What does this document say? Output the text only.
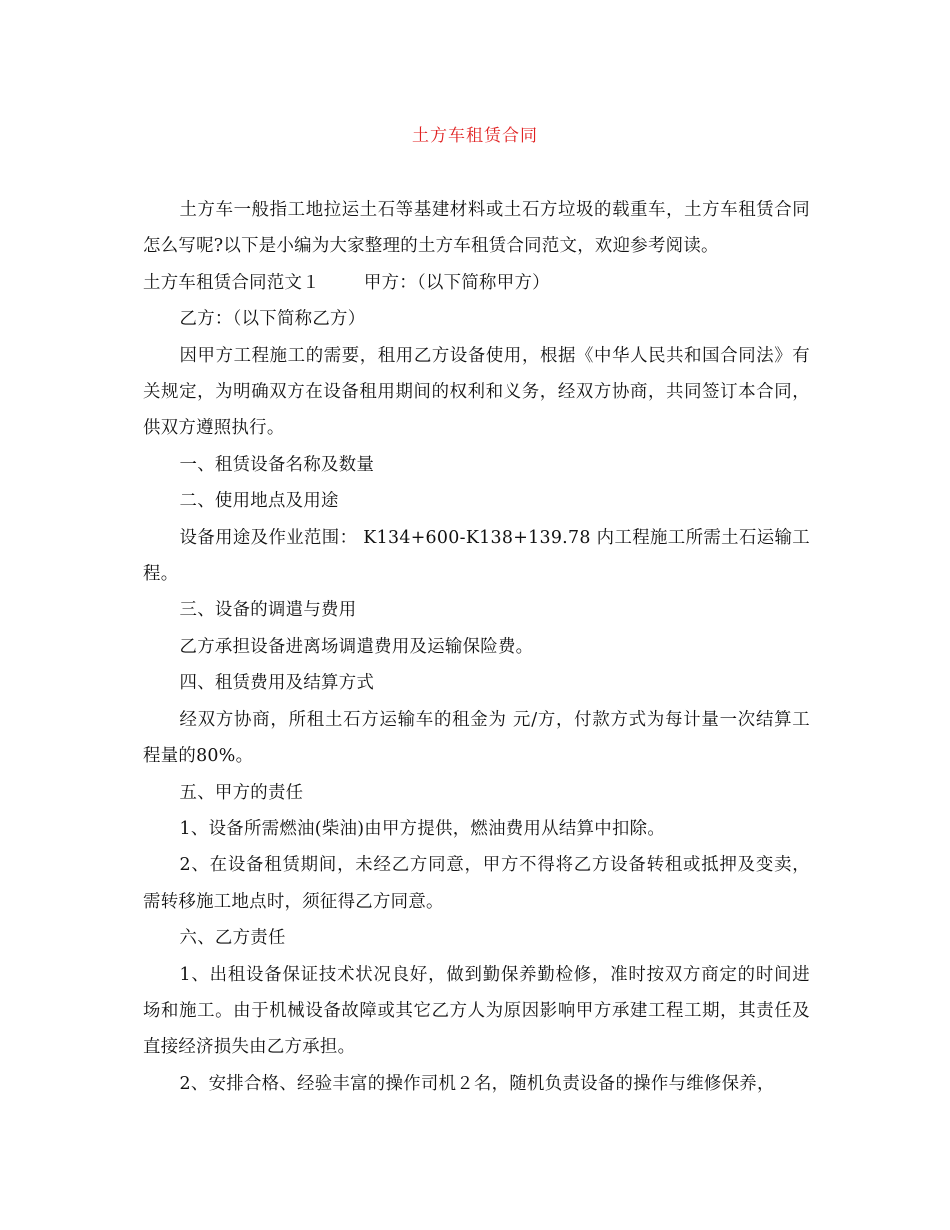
土方车租赁合同

土方车一般指工地拉运土石等基建材料或土石方垃圾的载重车，土方车租赁合同怎么写呢?以下是小编为大家整理的土方车租赁合同范文，欢迎参考阅读。

土方车租赁合同范文１	甲方：（以下简称甲方）

乙方：（以下简称乙方）

因甲方工程施工的需要，租用乙方设备使用，根据《中华人民共和国合同法》有关规定，为明确双方在设备租用期间的权利和义务，经双方协商，共同签订本合同，供双方遵照执行。

一、租赁设备名称及数量

二、使用地点及用途

设备用途及作业范围： K134+600-K138+139.78 内工程施工所需土石运输工程。

三、设备的调遣与费用

乙方承担设备进离场调遣费用及运输保险费。

四、租赁费用及结算方式

经双方协商，所租土石方运输车的租金为 元/方，付款方式为每计量一次结算工程量的80%。

五、甲方的责任

1、设备所需燃油(柴油)由甲方提供，燃油费用从结算中扣除。

2、在设备租赁期间，未经乙方同意，甲方不得将乙方设备转租或抵押及变卖，需转移施工地点时，须征得乙方同意。

六、乙方责任

1、出租设备保证技术状况良好，做到勤保养勤检修，准时按双方商定的时间进场和施工。由于机械设备故障或其它乙方人为原因影响甲方承建工程工期，其责任及直接经济损失由乙方承担。

2、安排合格、经验丰富的操作司机２名，随机负责设备的操作与维修保养，
